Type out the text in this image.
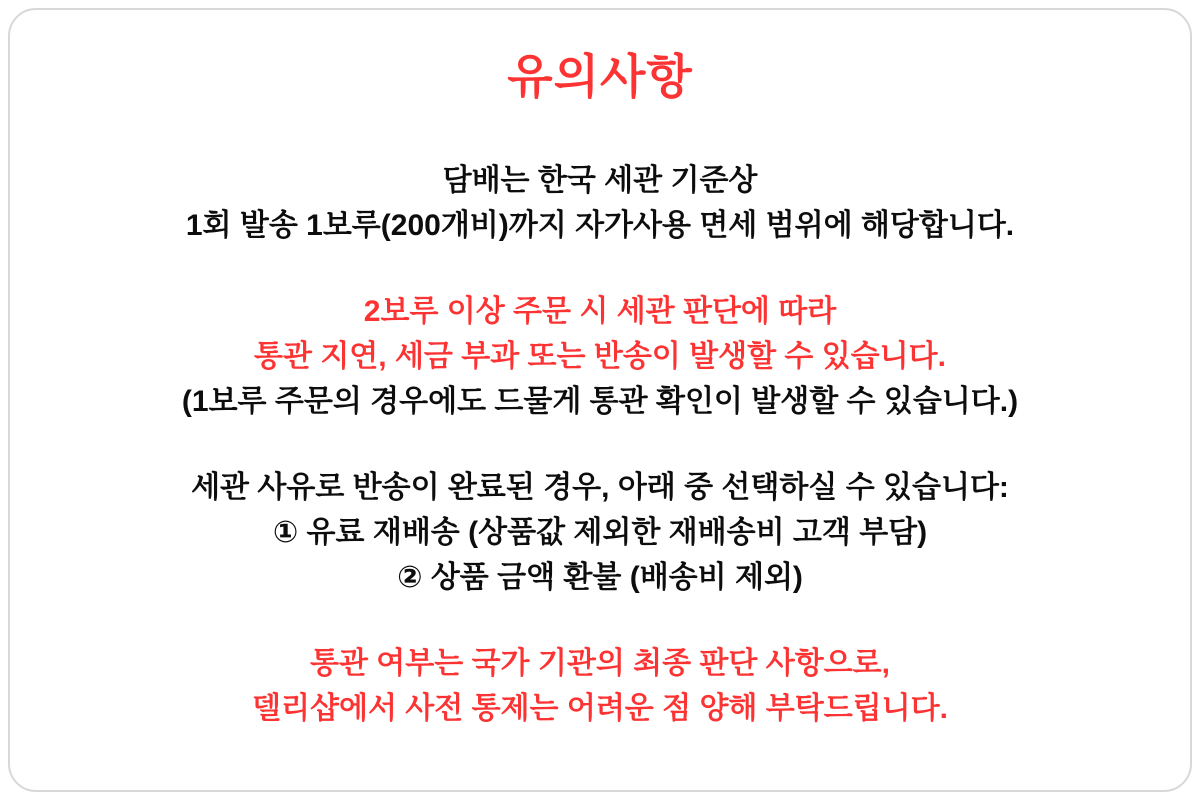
유의사항

담배는 한국 세관 기준상
1회 발송 1보루(200개비)까지 자가사용 면세 범위에 해당합니다.

2보루 이상 주문 시 세관 판단에 따라
통관 지연, 세금 부과 또는 반송이 발생할 수 있습니다.
(1보루 주문의 경우에도 드물게 통관 확인이 발생할 수 있습니다.)

세관 사유로 반송이 완료된 경우, 아래 중 선택하실 수 있습니다:
① 유료 재배송 (상품값 제외한 재배송비 고객 부담)
② 상품 금액 환불 (배송비 제외)

통관 여부는 국가 기관의 최종 판단 사항으로,
델리샵에서 사전 통제는 어려운 점 양해 부탁드립니다.
